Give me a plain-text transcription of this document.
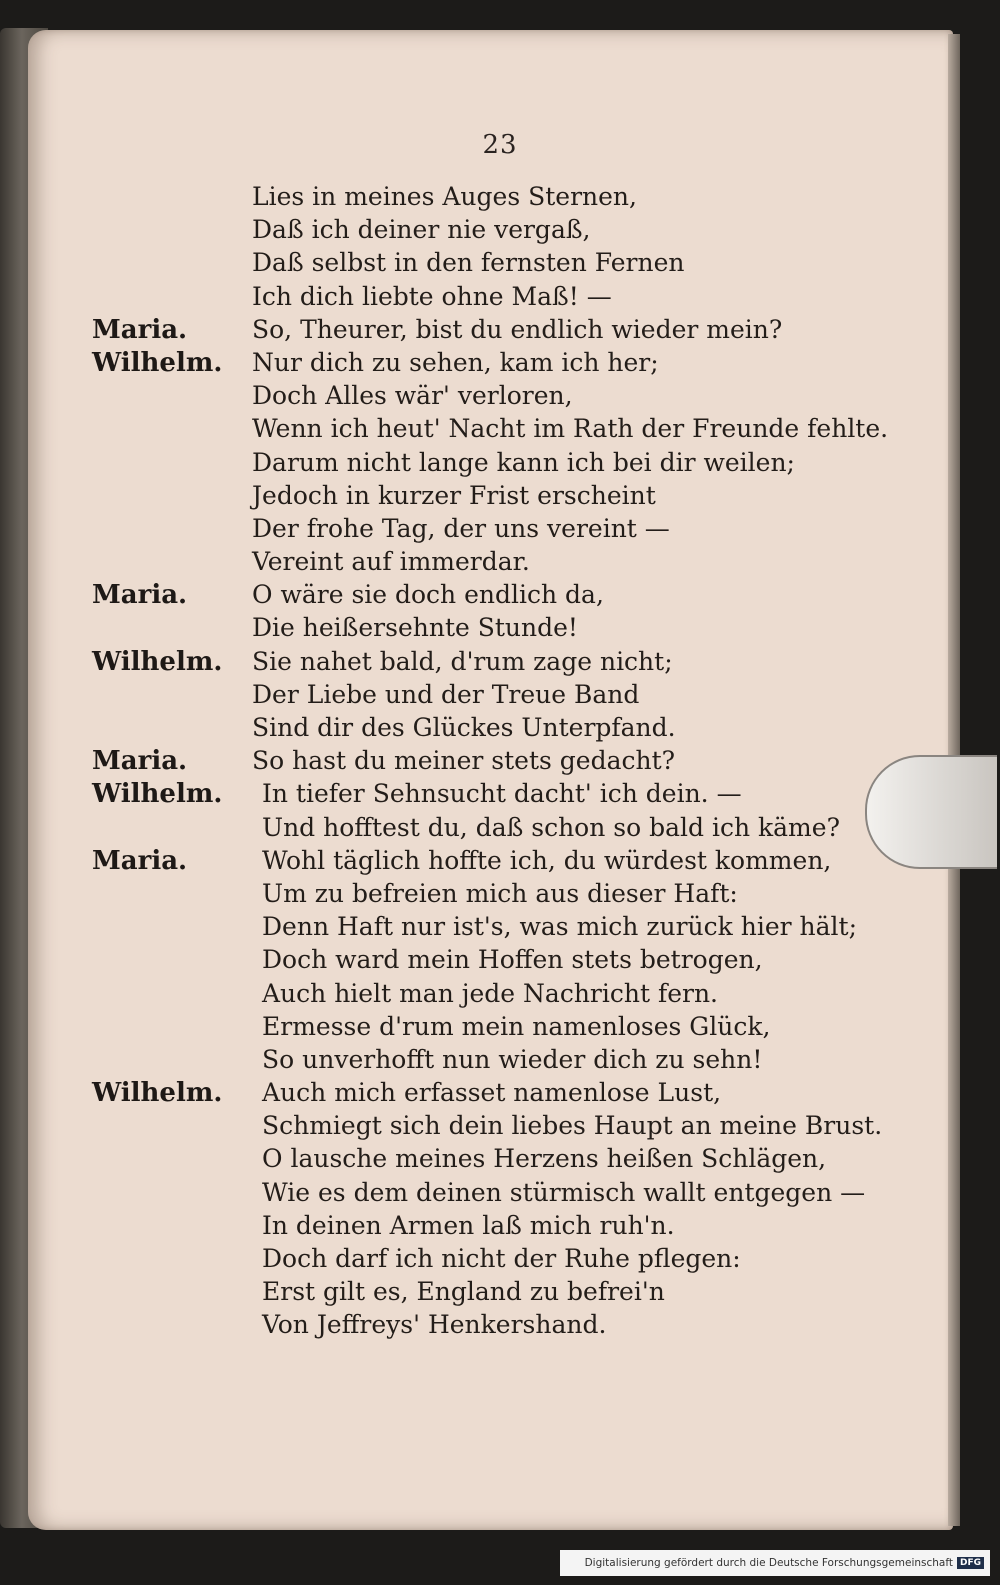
23
Lies in meines Auges Sternen,
Daß ich deiner nie vergaß,
Daß selbst in den fernsten Fernen
Ich dich liebte ohne Maß! —
Maria.	So, Theurer, bist du endlich wieder mein?
Wilhelm. Nur dich zu sehen, kam ich her;
Doch Alles wär' verloren,
Wenn ich heut' Nacht im Rath der Freunde fehlte.
Darum nicht lange kann ich bei dir weilen;
Jedoch in kurzer Frist erscheint
Der frohe Tag, der uns vereint —
Vereint auf immerdar.
Maria.	O wäre sie doch endlich da,
Die heißersehnte Stunde!
Wilhelm. Sie nahet bald, d'rum zage nicht;
Der Liebe und der Treue Band
Sind dir des Glückes Unterpfand.
Maria.	So hast du meiner stets gedacht?
Wilhelm. In tiefer Sehnsucht dacht' ich dein. —
Und hofftest du, daß schon so bald ich käme?
Maria.	Wohl täglich hoffte ich, du würdest kommen,
Um zu befreien mich aus dieser Haft:
Denn Haft nur ist's, was mich zurück hier hält;
Doch ward mein Hoffen stets betrogen,
Auch hielt man jede Nachricht fern.
Ermesse d'rum mein namenloses Glück,
So unverhofft nun wieder dich zu sehn!
Wilhelm. Auch mich erfasset namenlose Lust,
Schmiegt sich dein liebes Haupt an meine Brust.
O lausche meines Herzens heißen Schlägen,
Wie es dem deinen stürmisch wallt entgegen —
In deinen Armen laß mich ruh'n.
Doch darf ich nicht der Ruhe pflegen:
Erst gilt es, England zu befrei'n
Von Jeffreys' Henkershand.
Digitalisierung gefördert durch die Deutsche Forschungsgemeinschaft DFG
